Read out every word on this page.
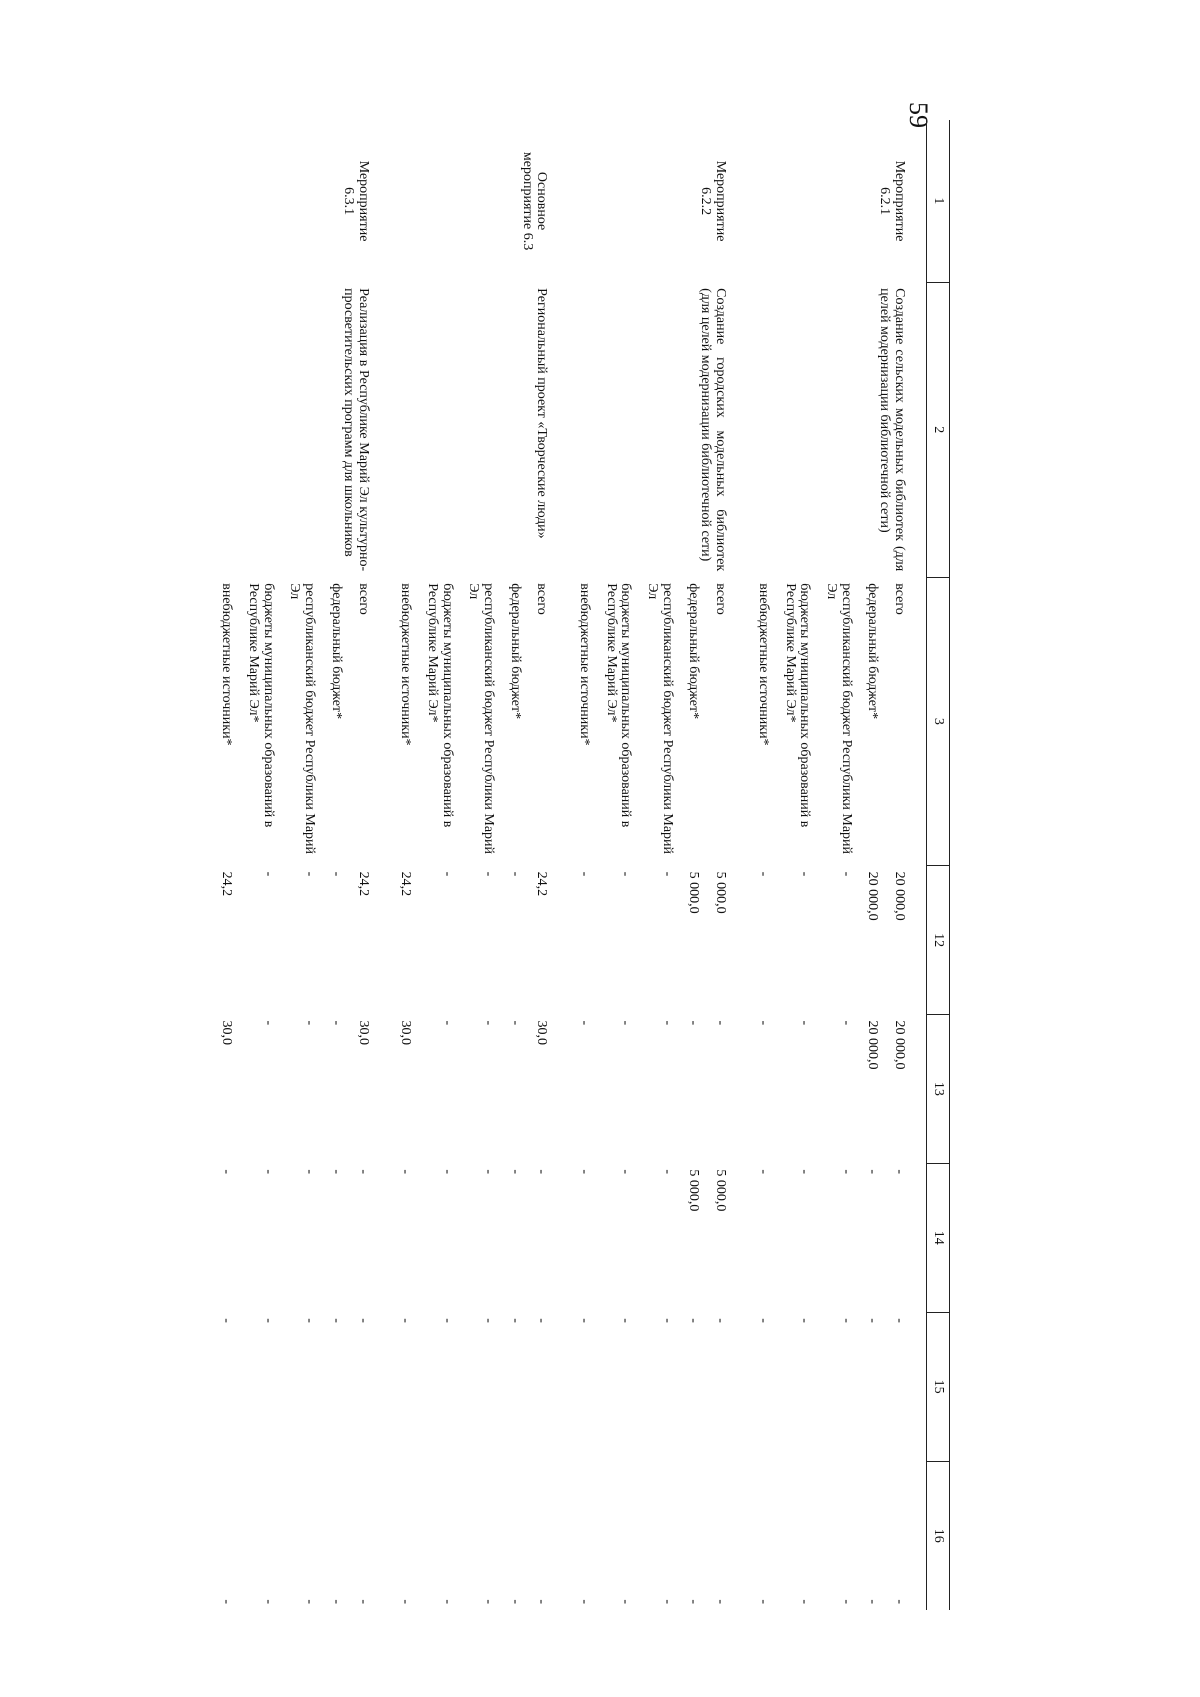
59
1	2	3	12	13	14	15	16
Мероприятие
6.2.1	Создание сельских модельных библиотек (для целей модернизации библиотечной сети)	всего	20 000,0	20 000,0	-	-	-
		федеральный бюджет*	20 000,0	20 000,0	-	-	-
		республиканский бюджет Республики Марий Эл	-	-	-	-	-
		бюджеты муниципальных образований в Республике Марий Эл*	-	-	-	-	-
		внебюджетные источники*	-	-	-	-	-
Мероприятие
6.2.2	Создание городских модельных библиотек (для целей модернизации библиотечной сети)	всего	5 000,0	-	5 000,0	-	-
		федеральный бюджет*	5 000,0	-	5 000,0	-	-
		республиканский бюджет Республики Марий Эл	-	-	-	-	-
		бюджеты муниципальных образований в Республике Марий Эл*	-	-	-	-	-
		внебюджетные источники*	-	-	-	-	-
Основное
мероприятие 6.3	Региональный проект «Творческие люди»	всего	24,2	30,0	-	-	-
		федеральный бюджет*	-	-	-	-	-
		республиканский бюджет Республики Марий Эл	-	-	-	-	-
		бюджеты муниципальных образований в Республике Марий Эл*	-	-	-	-	-
		внебюджетные источники*	24,2	30,0	-	-	-
Мероприятие
6.3.1	Реализация в Республике Марий Эл культурно-просветительских программ для школьников	всего	24,2	30,0	-	-	-
		федеральный бюджет*	-	-	-	-	-
		республиканский бюджет Республики Марий Эл	-	-	-	-	-
		бюджеты муниципальных образований в Республике Марий Эл*	-	-	-	-	-
		внебюджетные источники*	24,2	30,0	-	-	-
